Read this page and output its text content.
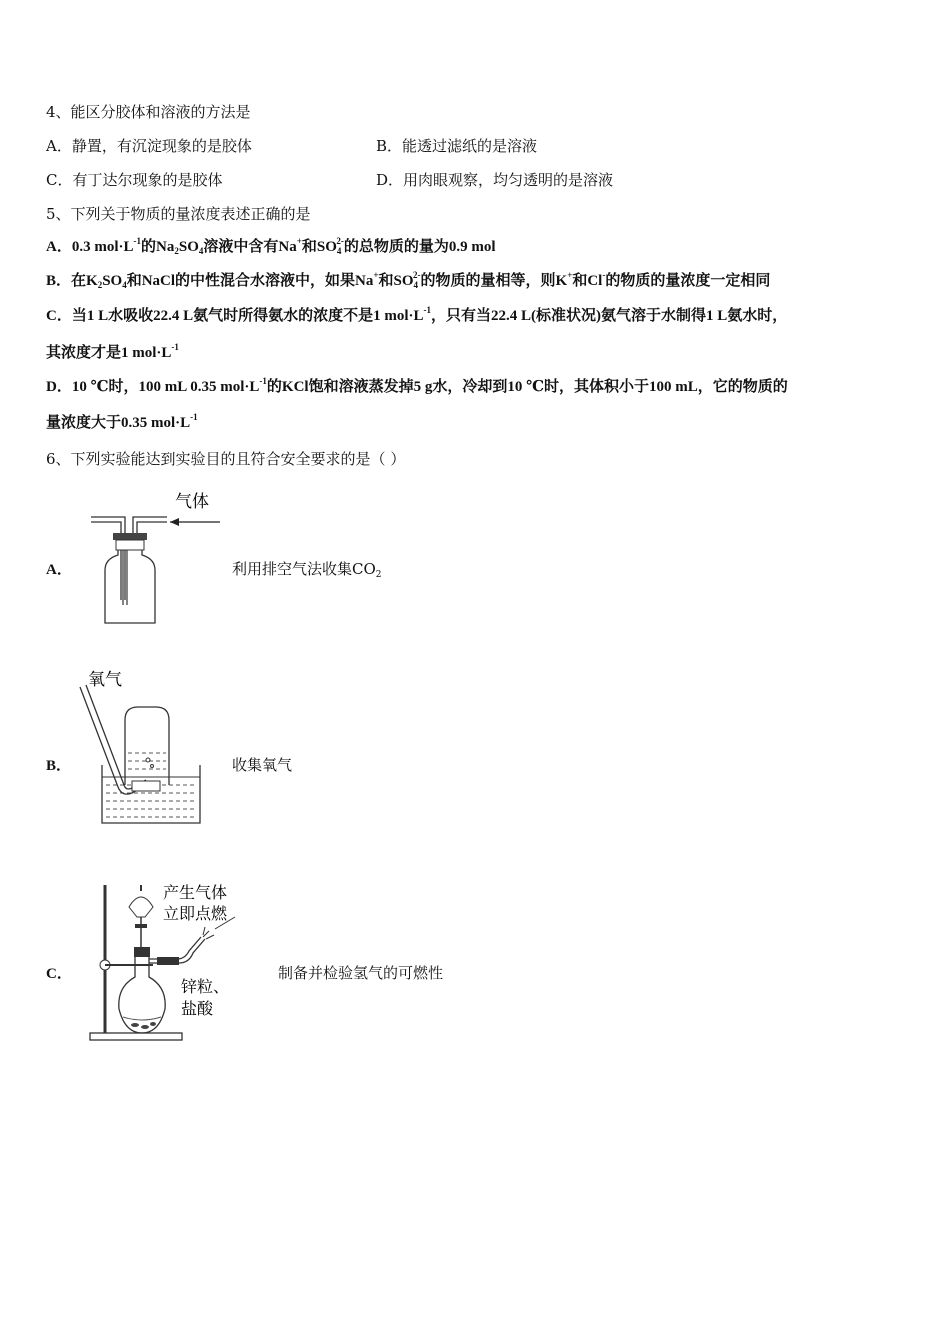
4、能区分胶体和溶液的方法是
A．静置，有沉淀现象的是胶体	B．能透过滤纸的是溶液
C．有丁达尔现象的是胶体	D．用肉眼观察，均匀透明的是溶液
5、下列关于物质的量浓度表述正确的是
A．0.3 $mol\cdot L^{-1}$的$Na_2SO_4$溶液中含有Na+和$SO_4^{2-}$的总物质的量为0.9 mol
B．在$K_2SO_4$和NaCl的中性混合水溶液中，如果Na+和$SO_4^{2-}$的物质的量相等，则K+和Cl-的物质的量浓度一定相同
C．当1 L水吸收22.4 L氨气时所得氨水的浓度不是1 $mol\cdot L^{-1}$，只有当22.4 L(标准状况)氨气溶于水制得1 L氨水时，
其浓度才是1 $mol\cdot L^{-1}$
D．10 ℃时，100 mL 0.35 $mol\cdot L^{-1}$的KCl饱和溶液蒸发掉5 g水，冷却到10 ℃时，其体积小于100 mL，它的物质的
量浓度大于0.35 $mol\cdot L^{-1}$
6、下列实验能达到实验目的且符合安全要求的是（ ）
A．
气体
利用排空气法收集$CO_2$
B．
氧气
收集氧气
C．
产生气体
立即点燃
锌粒、
盐酸
制备并检验氢气的可燃性
